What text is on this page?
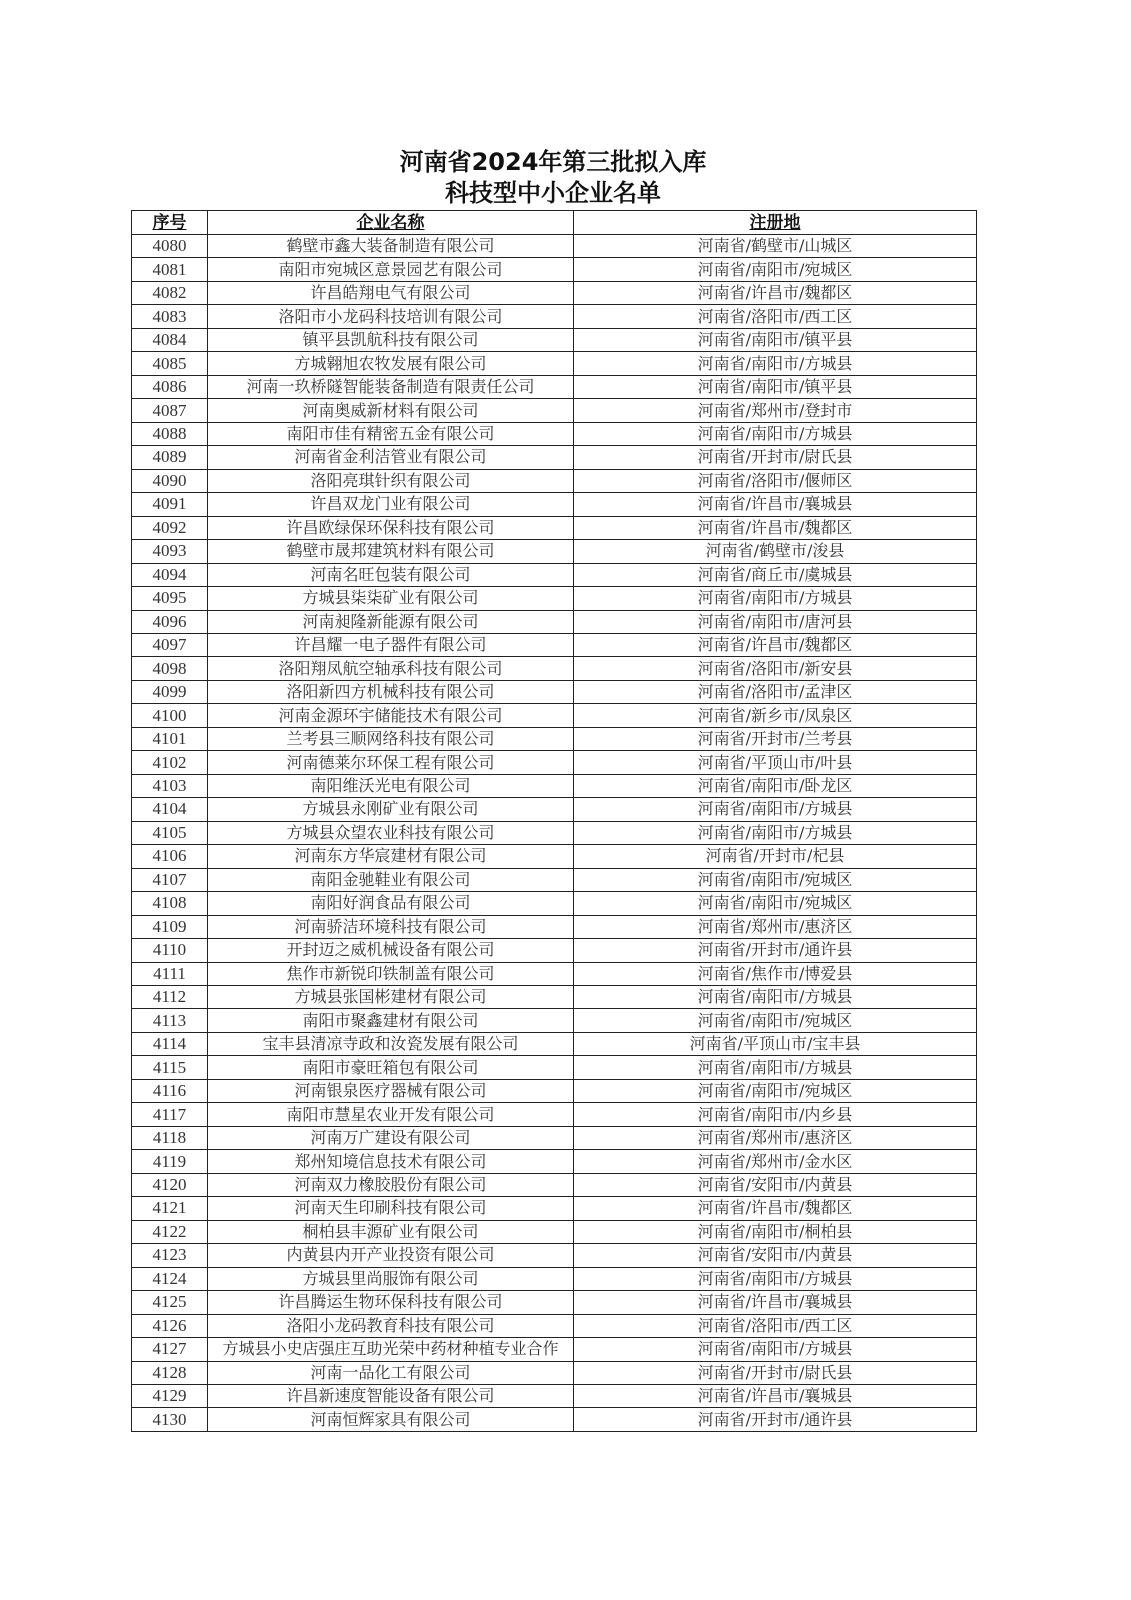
河南省2024年第三批拟入库
科技型中小企业名单
序号	企业名称	注册地
4080	鹤壁市鑫大装备制造有限公司	河南省/鹤壁市/山城区
4081	南阳市宛城区意景园艺有限公司	河南省/南阳市/宛城区
4082	许昌皓翔电气有限公司	河南省/许昌市/魏都区
4083	洛阳市小龙码科技培训有限公司	河南省/洛阳市/西工区
4084	镇平县凯航科技有限公司	河南省/南阳市/镇平县
4085	方城翱旭农牧发展有限公司	河南省/南阳市/方城县
4086	河南一玖桥隧智能装备制造有限责任公司	河南省/南阳市/镇平县
4087	河南奥威新材料有限公司	河南省/郑州市/登封市
4088	南阳市佳有精密五金有限公司	河南省/南阳市/方城县
4089	河南省金利洁管业有限公司	河南省/开封市/尉氏县
4090	洛阳亮琪针织有限公司	河南省/洛阳市/偃师区
4091	许昌双龙门业有限公司	河南省/许昌市/襄城县
4092	许昌欧绿保环保科技有限公司	河南省/许昌市/魏都区
4093	鹤壁市晟邦建筑材料有限公司	河南省/鹤壁市/浚县
4094	河南名旺包装有限公司	河南省/商丘市/虞城县
4095	方城县柒柒矿业有限公司	河南省/南阳市/方城县
4096	河南昶隆新能源有限公司	河南省/南阳市/唐河县
4097	许昌耀一电子器件有限公司	河南省/许昌市/魏都区
4098	洛阳翔凤航空轴承科技有限公司	河南省/洛阳市/新安县
4099	洛阳新四方机械科技有限公司	河南省/洛阳市/孟津区
4100	河南金源环宇储能技术有限公司	河南省/新乡市/凤泉区
4101	兰考县三顺网络科技有限公司	河南省/开封市/兰考县
4102	河南德莱尔环保工程有限公司	河南省/平顶山市/叶县
4103	南阳维沃光电有限公司	河南省/南阳市/卧龙区
4104	方城县永刚矿业有限公司	河南省/南阳市/方城县
4105	方城县众望农业科技有限公司	河南省/南阳市/方城县
4106	河南东方华宸建材有限公司	河南省/开封市/杞县
4107	南阳金驰鞋业有限公司	河南省/南阳市/宛城区
4108	南阳好润食品有限公司	河南省/南阳市/宛城区
4109	河南骄洁环境科技有限公司	河南省/郑州市/惠济区
4110	开封迈之威机械设备有限公司	河南省/开封市/通许县
4111	焦作市新锐印铁制盖有限公司	河南省/焦作市/博爱县
4112	方城县张国彬建材有限公司	河南省/南阳市/方城县
4113	南阳市聚鑫建材有限公司	河南省/南阳市/宛城区
4114	宝丰县清凉寺政和汝瓷发展有限公司	河南省/平顶山市/宝丰县
4115	南阳市豪旺箱包有限公司	河南省/南阳市/方城县
4116	河南银泉医疗器械有限公司	河南省/南阳市/宛城区
4117	南阳市慧星农业开发有限公司	河南省/南阳市/内乡县
4118	河南万广建设有限公司	河南省/郑州市/惠济区
4119	郑州知境信息技术有限公司	河南省/郑州市/金水区
4120	河南双力橡胶股份有限公司	河南省/安阳市/内黄县
4121	河南天生印刷科技有限公司	河南省/许昌市/魏都区
4122	桐柏县丰源矿业有限公司	河南省/南阳市/桐柏县
4123	内黄县内开产业投资有限公司	河南省/安阳市/内黄县
4124	方城县里尚服饰有限公司	河南省/南阳市/方城县
4125	许昌腾运生物环保科技有限公司	河南省/许昌市/襄城县
4126	洛阳小龙码教育科技有限公司	河南省/洛阳市/西工区
4127	方城县小史店强庄互助光荣中药材种植专业合作	河南省/南阳市/方城县
4128	河南一品化工有限公司	河南省/开封市/尉氏县
4129	许昌新速度智能设备有限公司	河南省/许昌市/襄城县
4130	河南恒辉家具有限公司	河南省/开封市/通许县
